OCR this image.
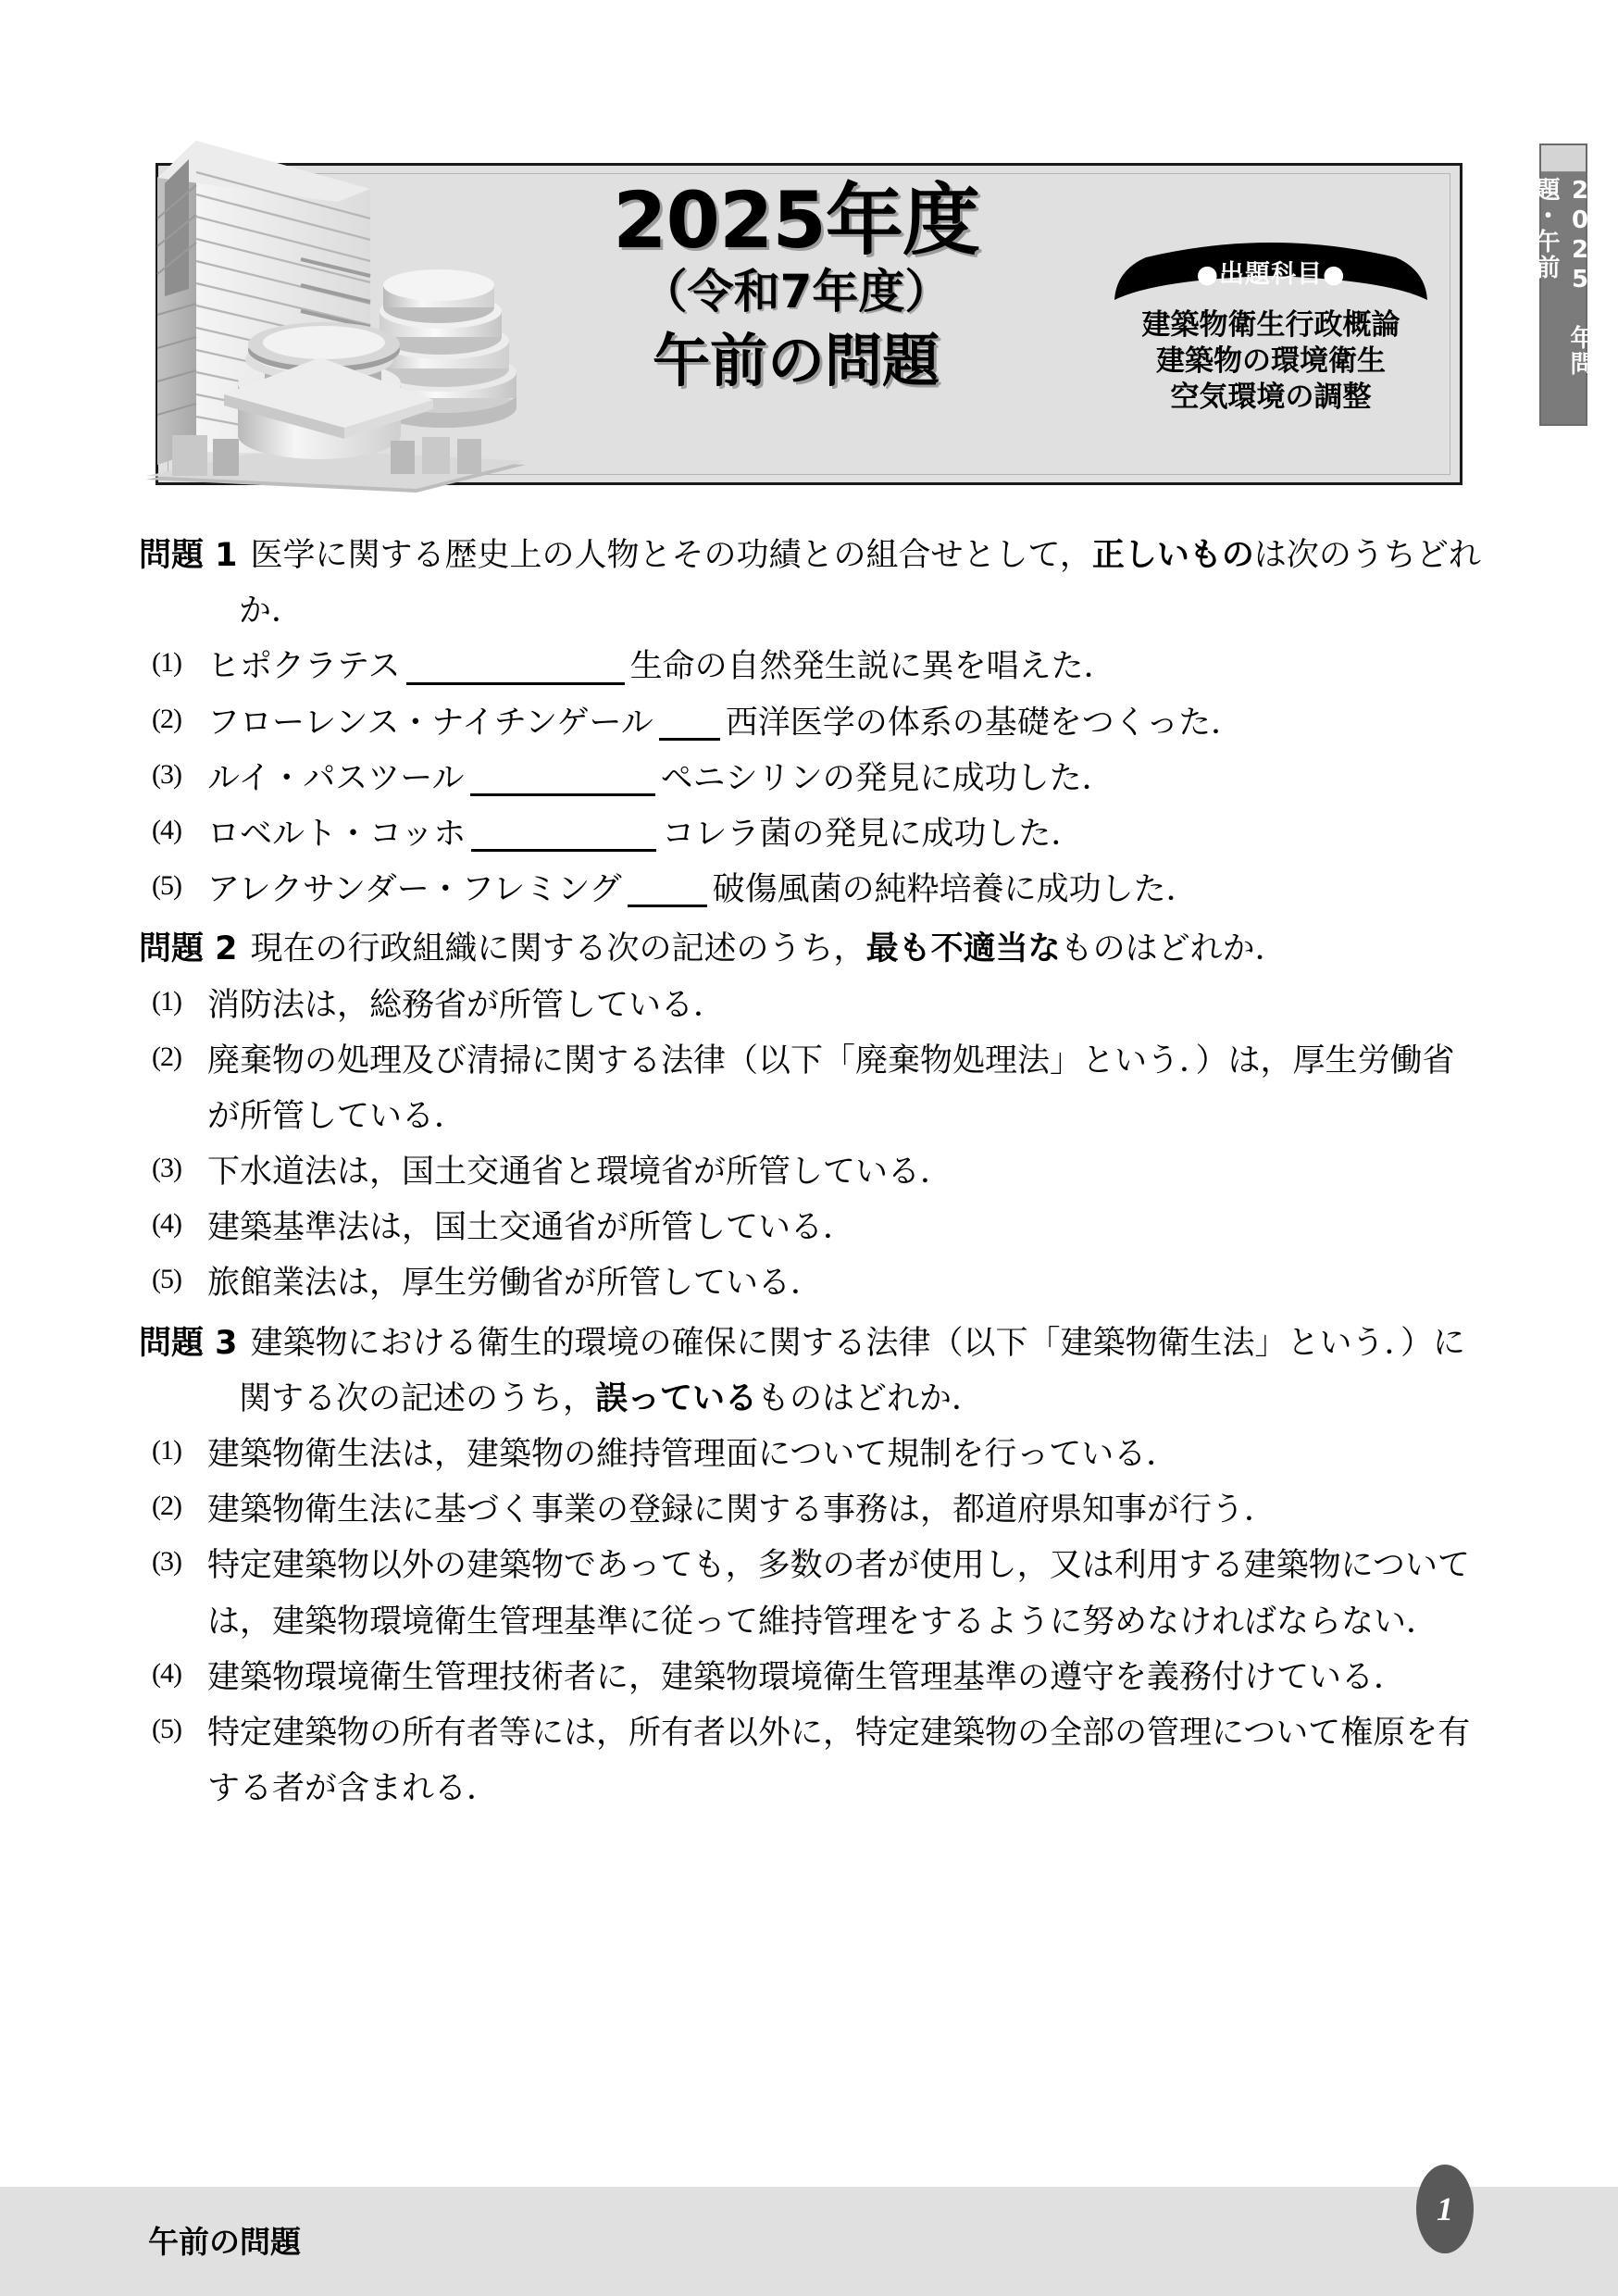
2025年度
（令和7年度）
午前の問題
●出題科目●
建築物衛生行政概論
建築物の環境衛生
空気環境の調整
2025 年問題・午前
問題 1 医学に関する歴史上の人物とその功績との組合せとして，正しいものは次のうちどれか．
(1) ヒポクラテス	生命の自然発生説に異を唱えた．
(2) フローレンス・ナイチンゲール 西洋医学の体系の基礎をつくった．
(3) ルイ・パスツール	ペニシリンの発見に成功した．
(4) ロベルト・コッホ	コレラ菌の発見に成功した．
(5) アレクサンダー・フレミング	破傷風菌の純粋培養に成功した．
問題 2 現在の行政組織に関する次の記述のうち，最も不適当なものはどれか．
(1) 消防法は，総務省が所管している．
(2) 廃棄物の処理及び清掃に関する法律（以下「廃棄物処理法」という．）は，厚生労働省が所管している．
(3) 下水道法は，国土交通省と環境省が所管している．
(4) 建築基準法は，国土交通省が所管している．
(5) 旅館業法は，厚生労働省が所管している．
問題 3 建築物における衛生的環境の確保に関する法律（以下「建築物衛生法」という．）に関する次の記述のうち，誤っているものはどれか．
(1) 建築物衛生法は，建築物の維持管理面について規制を行っている．
(2) 建築物衛生法に基づく事業の登録に関する事務は，都道府県知事が行う．
(3) 特定建築物以外の建築物であっても，多数の者が使用し，又は利用する建築物については，建築物環境衛生管理基準に従って維持管理をするように努めなければならない．
(4) 建築物環境衛生管理技術者に，建築物環境衛生管理基準の遵守を義務付けている．
(5) 特定建築物の所有者等には，所有者以外に，特定建築物の全部の管理について権原を有する者が含まれる．
午前の問題
1
